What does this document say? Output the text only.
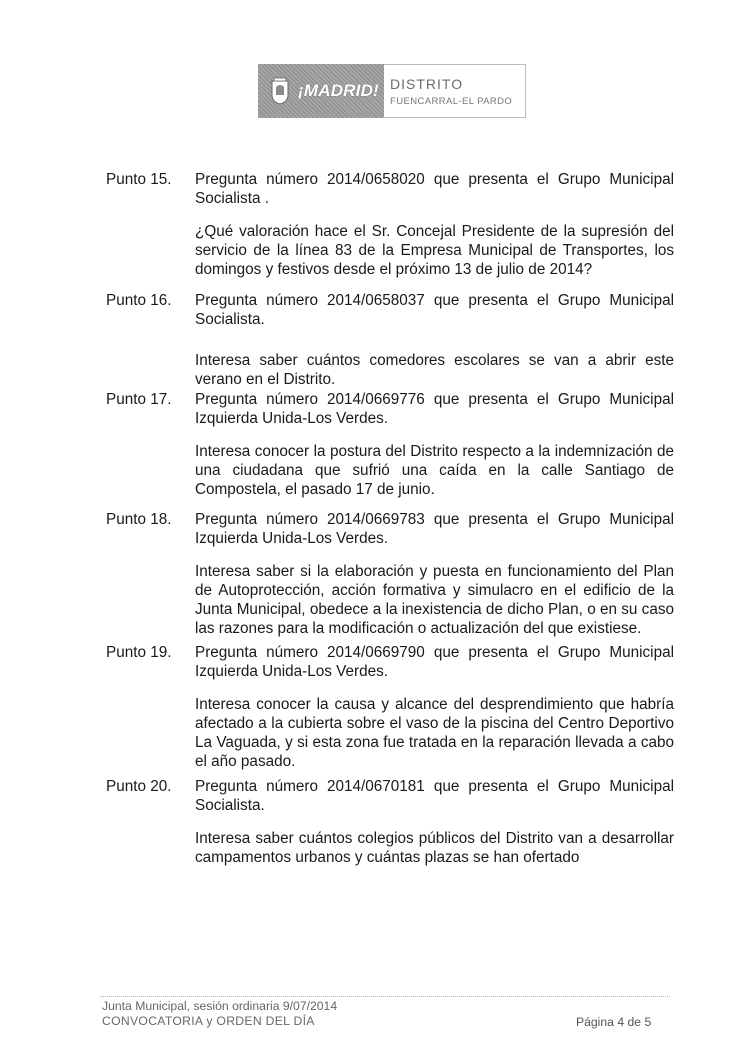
¡MADRID! DISTRITO
FUENCARRAL-EL PARDO
Punto 15. Pregunta número 2014/0658020 que presenta el Grupo Municipal Socialista .

¿Qué valoración hace el Sr. Concejal Presidente de la supresión del servicio de la línea 83 de la Empresa Municipal de Transportes, los domingos y festivos desde el próximo 13 de julio de 2014?

Punto 16. Pregunta número 2014/0658037 que presenta el Grupo Municipal Socialista.

Interesa saber cuántos comedores escolares se van a abrir este verano en el Distrito.

Punto 17. Pregunta número 2014/0669776 que presenta el Grupo Municipal Izquierda Unida-Los Verdes.

Interesa conocer la postura del Distrito respecto a la indemnización de una ciudadana que sufrió una caída en la calle Santiago de Compostela, el pasado 17 de junio.

Punto 18. Pregunta número 2014/0669783 que presenta el Grupo Municipal Izquierda Unida-Los Verdes.

Interesa saber si la elaboración y puesta en funcionamiento del Plan de Autoprotección, acción formativa y simulacro en el edificio de la Junta Municipal, obedece a la inexistencia de dicho Plan, o en su caso las razones para la modificación o actualización del que existiese.

Punto 19. Pregunta número 2014/0669790 que presenta el Grupo Municipal Izquierda Unida-Los Verdes.

Interesa conocer la causa y alcance del desprendimiento que habría afectado a la cubierta sobre el vaso de la piscina del Centro Deportivo La Vaguada, y si esta zona fue tratada en la reparación llevada a cabo el año pasado.

Punto 20. Pregunta número 2014/0670181 que presenta el Grupo Municipal Socialista.

Interesa saber cuántos colegios públicos del Distrito van a desarrollar campamentos urbanos y cuántas plazas se han ofertado

Junta Municipal, sesión ordinaria 9/07/2014
CONVOCATORIA y ORDEN DEL DÍA	Página 4 de 5
